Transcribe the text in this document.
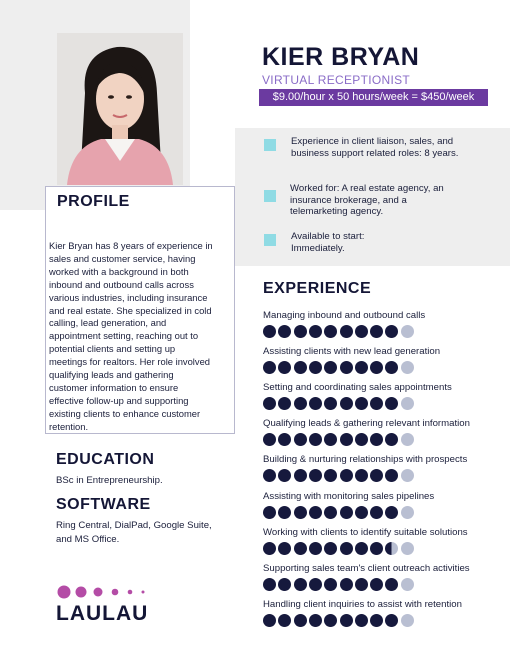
KIER BRYAN
VIRTUAL RECEPTIONIST
$9.00/hour x 50 hours/week = $450/week
Experience in client liaison, sales, and
business support related roles: 8 years.
Worked for: A real estate agency, an
insurance brokerage, and a
telemarketing agency.
Available to start:
Immediately.
PROFILE
Kier Bryan has 8 years of experience in
sales and customer service, having
worked with a background in both
inbound and outbound calls across
various industries, including insurance
and real estate. She specialized in cold
calling, lead generation, and
appointment setting, reaching out to
potential clients and setting up
meetings for realtors. Her role involved
qualifying leads and gathering
customer information to ensure
effective follow-up and supporting
existing clients to enhance customer
retention.
EXPERIENCE
Managing inbound and outbound calls
Assisting clients with new lead generation
Setting and coordinating sales appointments
Qualifying leads & gathering relevant information
Building & nurturing relationships with prospects
Assisting with monitoring sales pipelines
Working with clients to identify suitable solutions
Supporting sales team's client outreach activities
Handling client inquiries to assist with retention
EDUCATION
BSc in Entrepreneurship.
SOFTWARE
Ring Central, DialPad, Google Suite,
and MS Office.
LAULAU
